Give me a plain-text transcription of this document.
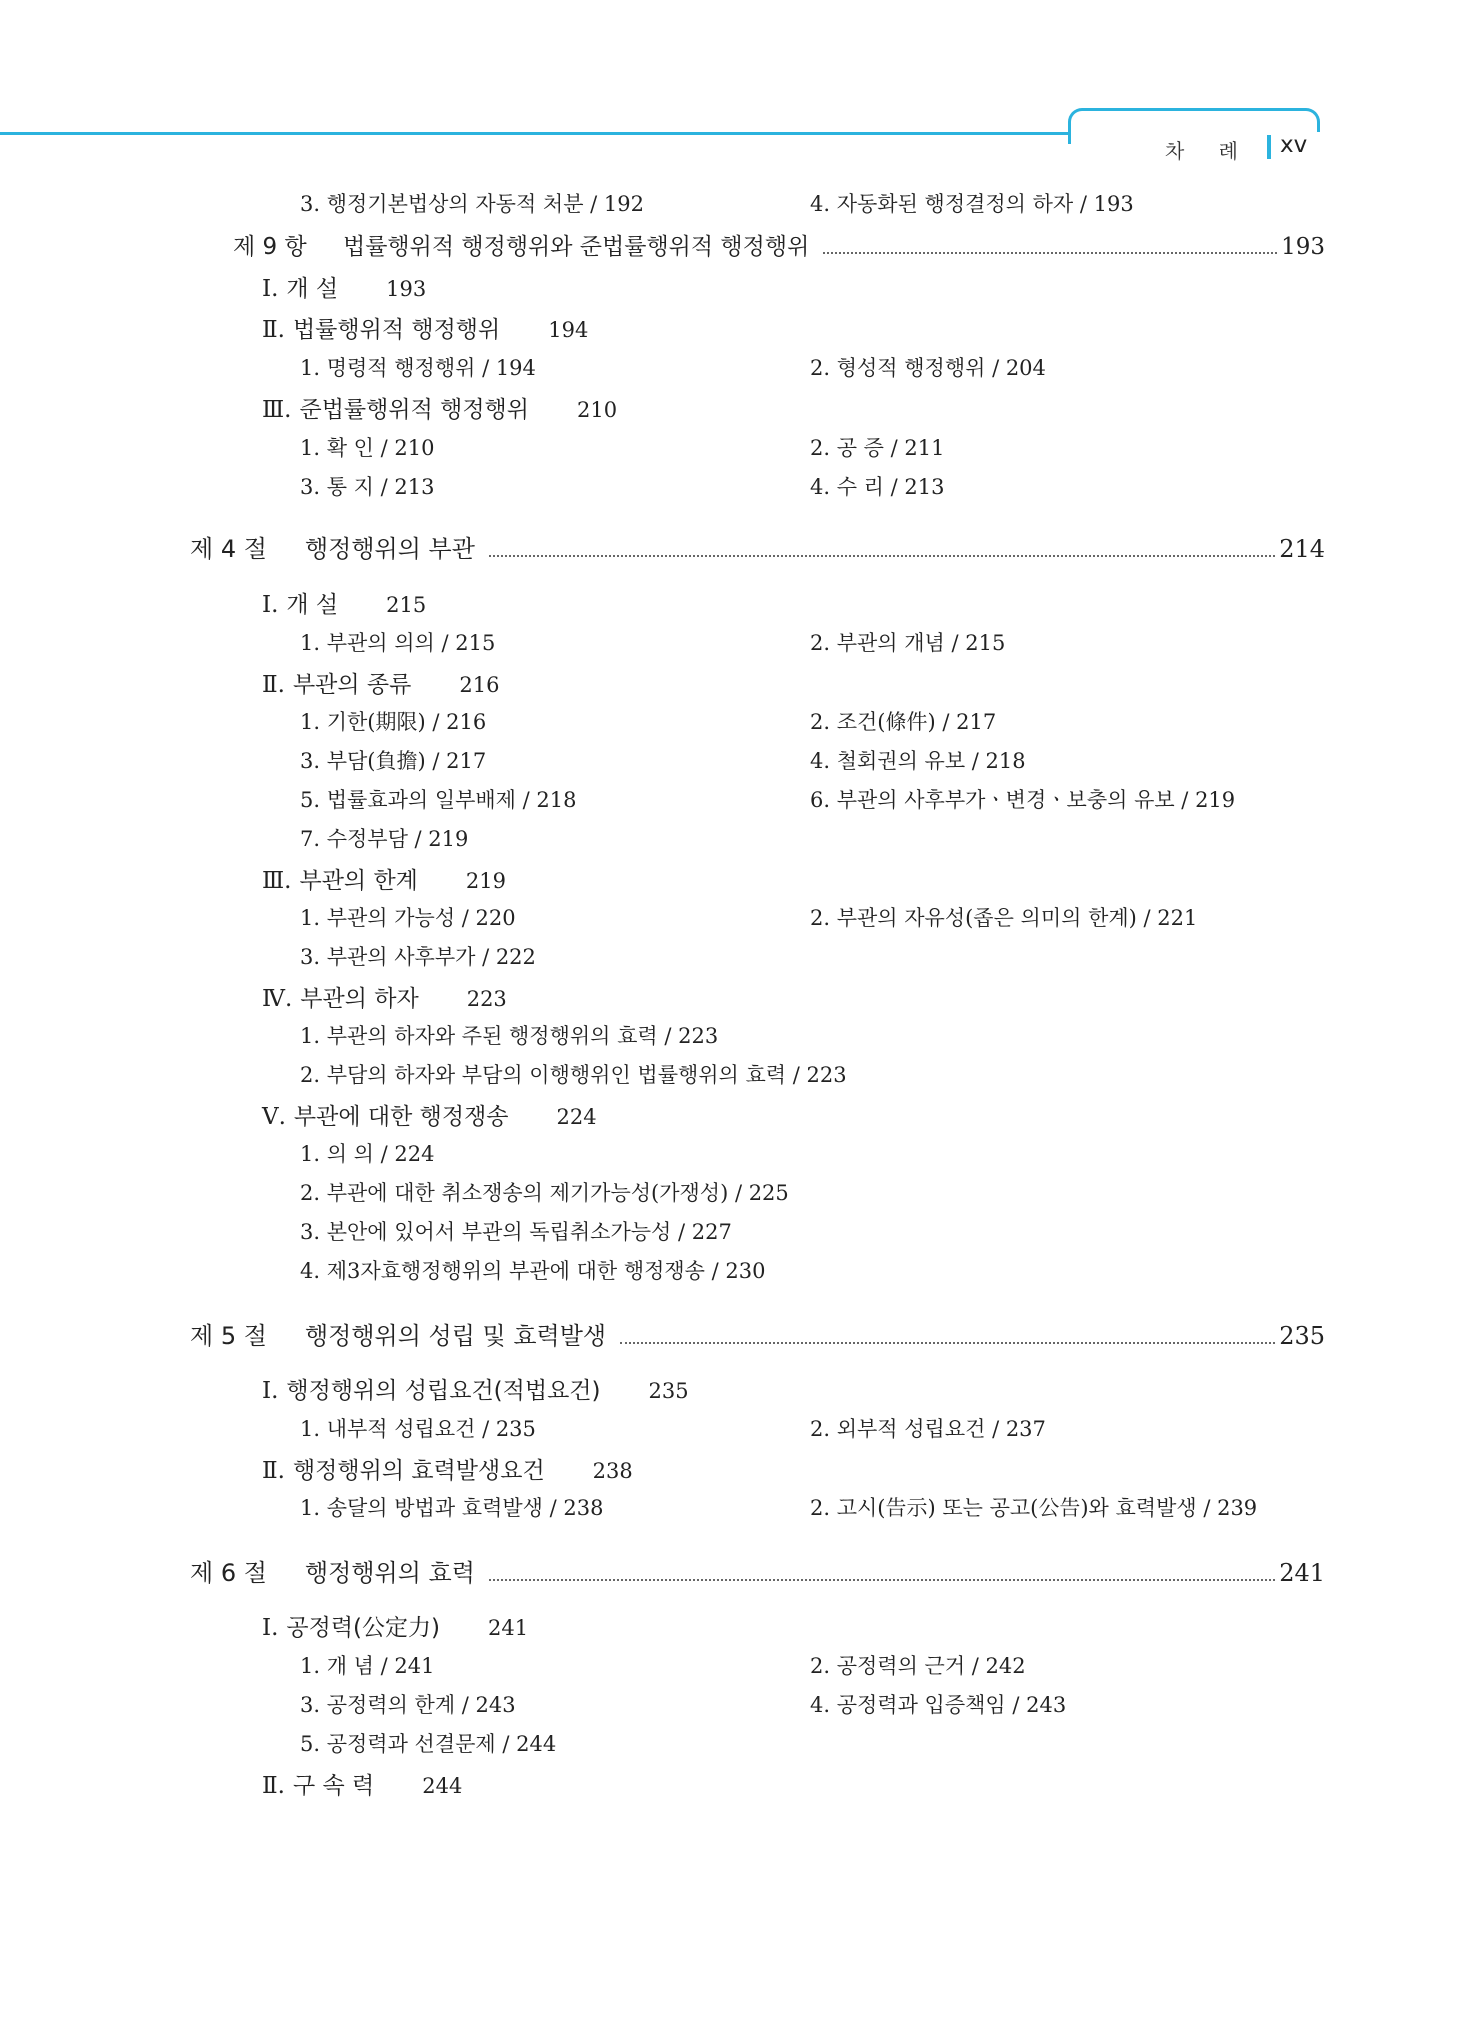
차 례 xv
3. 행정기본법상의 자동적 처분 / 192	4. 자동화된 행정결정의 하자 / 193
제 9 항	법률행위적 행정행위와 준법률행위적 행정행위	193
Ⅰ. 개 설 193
Ⅱ. 법률행위적 행정행위 194
1. 명령적 행정행위 / 194	2. 형성적 행정행위 / 204
Ⅲ. 준법률행위적 행정행위 210
1. 확 인 / 210	2. 공 증 / 211
3. 통 지 / 213	4. 수 리 / 213
제 4 절	행정행위의 부관	214
Ⅰ. 개 설 215
1. 부관의 의의 / 215	2. 부관의 개념 / 215
Ⅱ. 부관의 종류 216
1. 기한(期限) / 216	2. 조건(條件) / 217
3. 부담(負擔) / 217	4. 철회권의 유보 / 218
5. 법률효과의 일부배제 / 218	6. 부관의 사후부가ㆍ변경ㆍ보충의 유보 / 219
7. 수정부담 / 219
Ⅲ. 부관의 한계 219
1. 부관의 가능성 / 220	2. 부관의 자유성(좁은 의미의 한계) / 221
3. 부관의 사후부가 / 222
Ⅳ. 부관의 하자 223
1. 부관의 하자와 주된 행정행위의 효력 / 223
2. 부담의 하자와 부담의 이행행위인 법률행위의 효력 / 223
Ⅴ. 부관에 대한 행정쟁송 224
1. 의 의 / 224
2. 부관에 대한 취소쟁송의 제기가능성(가쟁성) / 225
3. 본안에 있어서 부관의 독립취소가능성 / 227
4. 제3자효행정행위의 부관에 대한 행정쟁송 / 230
제 5 절	행정행위의 성립 및 효력발생	235
Ⅰ. 행정행위의 성립요건(적법요건) 235
1. 내부적 성립요건 / 235	2. 외부적 성립요건 / 237
Ⅱ. 행정행위의 효력발생요건 238
1. 송달의 방법과 효력발생 / 238	2. 고시(告示) 또는 공고(公告)와 효력발생 / 239
제 6 절	행정행위의 효력	241
Ⅰ. 공정력(公定力) 241
1. 개 념 / 241	2. 공정력의 근거 / 242
3. 공정력의 한계 / 243	4. 공정력과 입증책임 / 243
5. 공정력과 선결문제 / 244
Ⅱ. 구 속 력 244
